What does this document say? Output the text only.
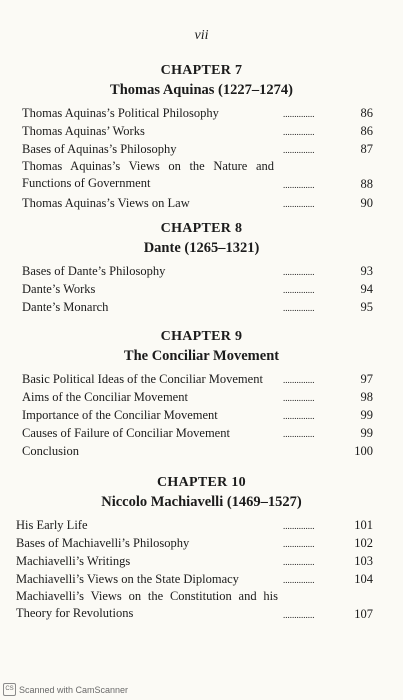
vii
CHAPTER 7
Thomas Aquinas (1227–1274)
Thomas Aquinas’s Political Philosophy	..............	86
Thomas Aquinas’ Works	..............	86
Bases of Aquinas’s Philosophy	..............	87
Thomas Aquinas’s Views on the Nature and Functions of Government	..............	88
Thomas Aquinas’s Views on Law	..............	90
CHAPTER 8
Dante (1265–1321)
Bases of Dante’s Philosophy	..............	93
Dante’s Works	..............	94
Dante’s Monarch	..............	95
CHAPTER 9
The Conciliar Movement
Basic Political Ideas of the Conciliar Movement ..............	97
Aims of the Conciliar Movement	..............	98
Importance of the Conciliar Movement	..............	99
Causes of Failure of Conciliar Movement	..............	99
Conclusion	100
CHAPTER 10
Niccolo Machiavelli (1469–1527)
His Early Life	..............	101
Bases of Machiavelli’s Philosophy	..............	102
Machiavelli’s Writings	..............	103
Machiavelli’s Views on the State Diplomacy	..............	104
Machiavelli’s Views on the Constitution and his Theory for Revolutions	..............	107
CS Scanned with CamScanner
